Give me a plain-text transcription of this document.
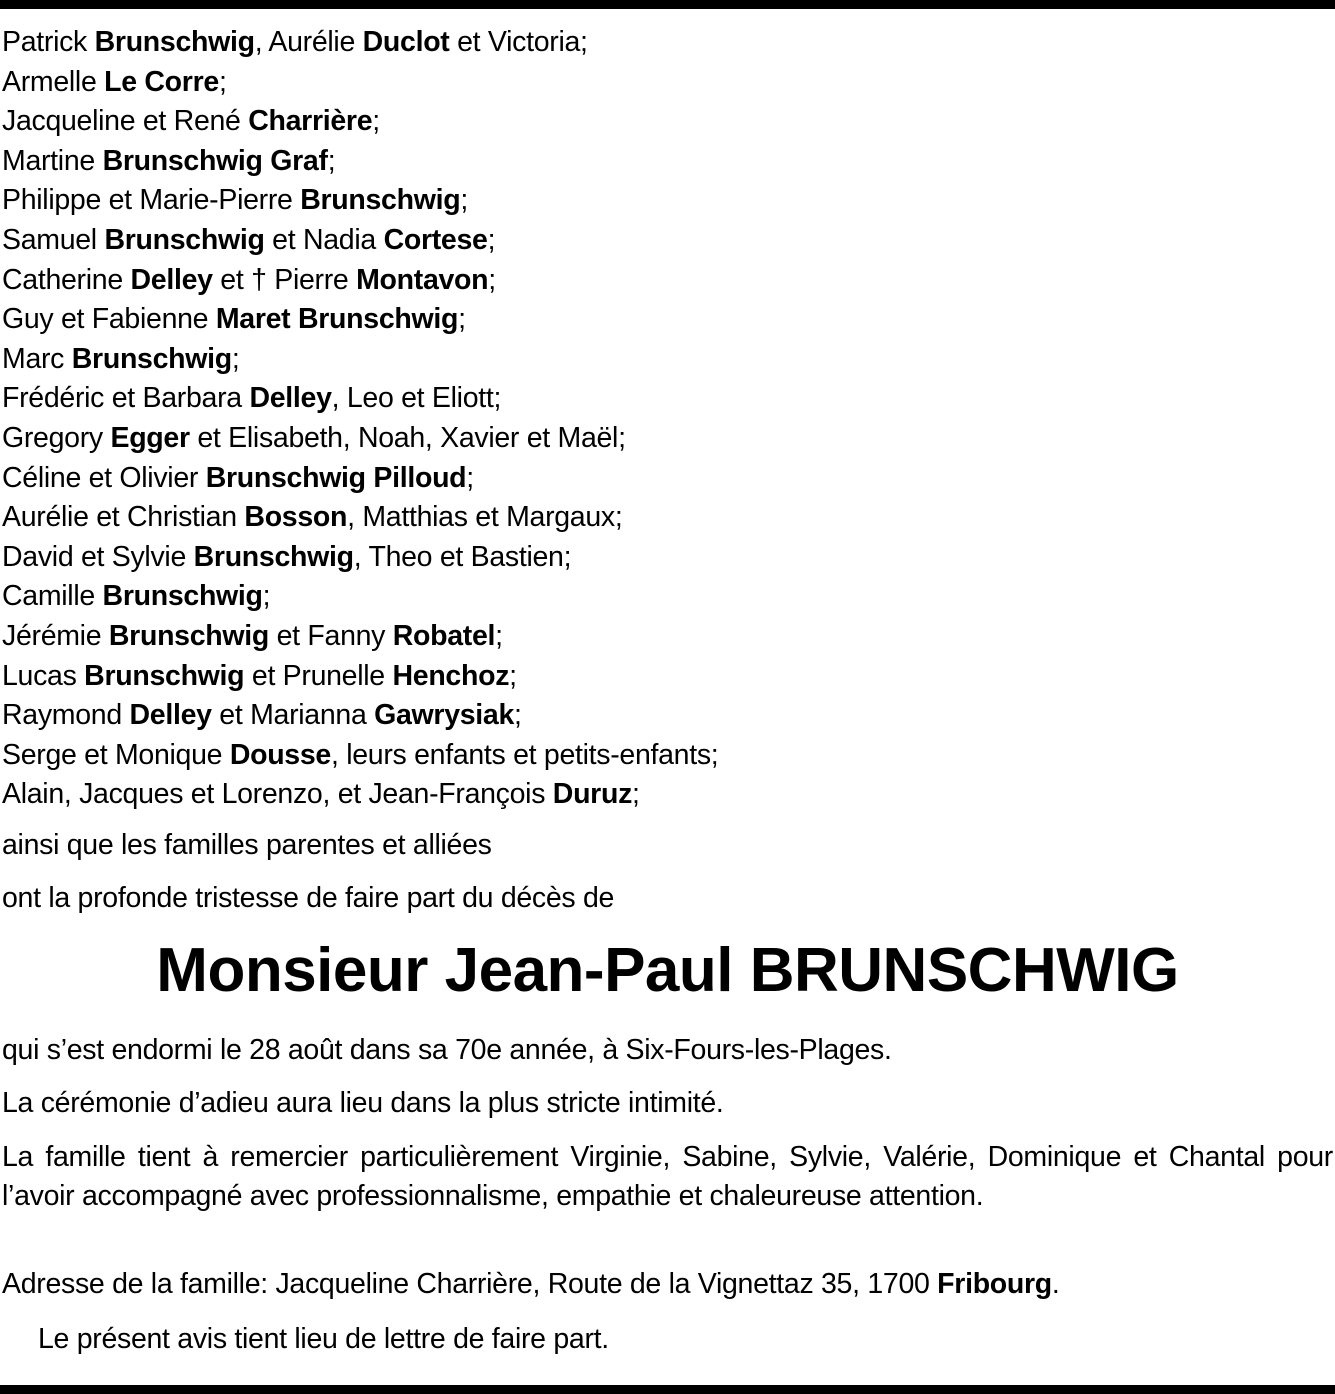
Patrick Brunschwig, Aurélie Duclot et Victoria;
Armelle Le Corre;
Jacqueline et René Charrière;
Martine Brunschwig Graf;
Philippe et Marie-Pierre Brunschwig;
Samuel Brunschwig et Nadia Cortese;
Catherine Delley et † Pierre Montavon;
Guy et Fabienne Maret Brunschwig;
Marc Brunschwig;
Frédéric et Barbara Delley, Leo et Eliott;
Gregory Egger et Elisabeth, Noah, Xavier et Maël;
Céline et Olivier Brunschwig Pilloud;
Aurélie et Christian Bosson, Matthias et Margaux;
David et Sylvie Brunschwig, Theo et Bastien;
Camille Brunschwig;
Jérémie Brunschwig et Fanny Robatel;
Lucas Brunschwig et Prunelle Henchoz;
Raymond Delley et Marianna Gawrysiak;
Serge et Monique Dousse, leurs enfants et petits-enfants;
Alain, Jacques et Lorenzo, et Jean-François Duruz;
ainsi que les familles parentes et alliées
ont la profonde tristesse de faire part du décès de
Monsieur Jean-Paul BRUNSCHWIG
qui s’est endormi le 28 août dans sa 70e année, à Six-Fours-les-Plages.
La cérémonie d’adieu aura lieu dans la plus stricte intimité.
La famille tient à remercier particulièrement Virginie, Sabine, Sylvie, Valérie, Dominique et Chantal pour l’avoir accompagné avec professionnalisme, empathie et chaleureuse attention.
Adresse de la famille: Jacqueline Charrière, Route de la Vignettaz 35, 1700 Fribourg.
Le présent avis tient lieu de lettre de faire part.
